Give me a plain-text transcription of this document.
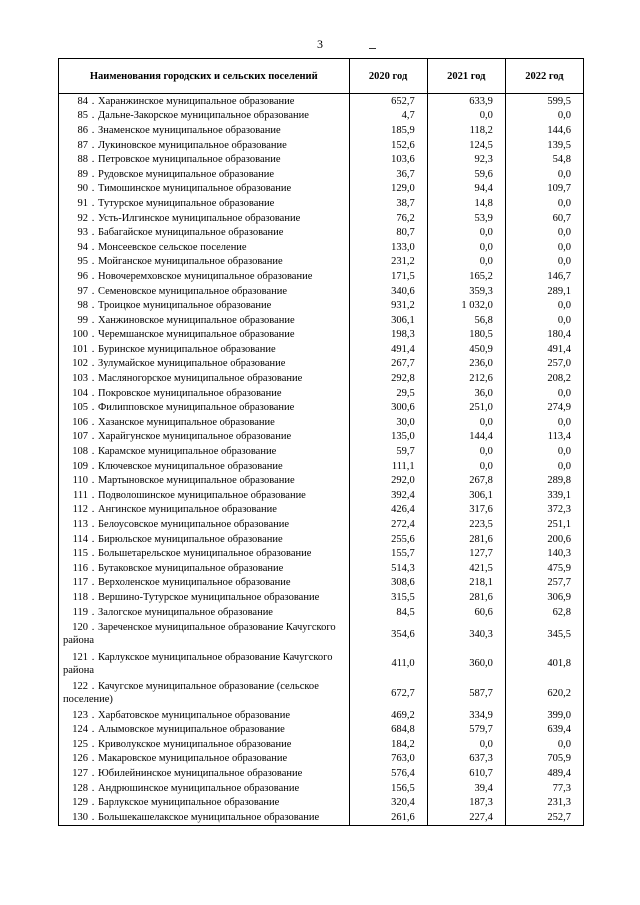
3
Наименования городских и сельских поселений	2020 год	2021 год	2022 год
84 . Харанжинское муниципальное образование	652,7	633,9	599,5
85 . Дальне-Закорское муниципальное образование	4,7	0,0	0,0
86 . Знаменское муниципальное образование	185,9	118,2	144,6
87 . Лукиновское муниципальное образование	152,6	124,5	139,5
88 . Петровское муниципальное образование	103,6	92,3	54,8
89 . Рудовское муниципальное образование	36,7	59,6	0,0
90 . Тимошинское муниципальное образование	129,0	94,4	109,7
91 . Тутурское муниципальное образование	38,7	14,8	0,0
92 . Усть-Илгинское муниципальное образование	76,2	53,9	60,7
93 . Бабагайское муниципальное образование	80,7	0,0	0,0
94 . Монсеевское сельское поселение	133,0	0,0	0,0
95 . Мойганское муниципальное образование	231,2	0,0	0,0
96 . Новочеремховское муниципальное образование	171,5	165,2	146,7
97 . Семеновское муниципальное образование	340,6	359,3	289,1
98 . Троицкое муниципальное образование	931,2	1 032,0	0,0
99 . Ханжиновское муниципальное образование	306,1	56,8	0,0
100 . Черемшанское муниципальное образование	198,3	180,5	180,4
101 . Буринское муниципальное образование	491,4	450,9	491,4
102 . Зулумайское муниципальное образование	267,7	236,0	257,0
103 . Масляногорское муниципальное образование	292,8	212,6	208,2
104 . Покровское муниципальное образование	29,5	36,0	0,0
105 . Филипповское муниципальное образование	300,6	251,0	274,9
106 . Хазанское муниципальное образование	30,0	0,0	0,0
107 . Харайгунское муниципальное образование	135,0	144,4	113,4
108 . Карамское муниципальное образование	59,7	0,0	0,0
109 . Ключевское муниципальное образование	111,1	0,0	0,0
110 . Мартыновское муниципальное образование	292,0	267,8	289,8
111 . Подволошинское муниципальное образование	392,4	306,1	339,1
112 . Ангинское муниципальное образование	426,4	317,6	372,3
113 . Белоусовское муниципальное образование	272,4	223,5	251,1
114 . Бирюльское муниципальное образование	255,6	281,6	200,6
115 . Большетарельское муниципальное образование	155,7	127,7	140,3
116 . Бутаковское муниципальное образование	514,3	421,5	475,9
117 . Верхоленское муниципальное образование	308,6	218,1	257,7
118 . Вершино-Тутурское муниципальное образование	315,5	281,6	306,9
119 . Залогское муниципальное образование	84,5	60,6	62,8
120 . Зареченское муниципальное образование Качугского района	354,6	340,3	345,5
121 . Карлукское муниципальное образование Качугского района	411,0	360,0	401,8
122 . Качугское муниципальное образование (сельское поселение)	672,7	587,7	620,2
123 . Харбатовское муниципальное образование	469,2	334,9	399,0
124 . Алымовское муниципальное образование	684,8	579,7	639,4
125 . Криволукское муниципальное образование	184,2	0,0	0,0
126 . Макаровское муниципальное образование	763,0	637,3	705,9
127 . Юбилейнинское муниципальное образование	576,4	610,7	489,4
128 . Андрюшинское муниципальное образование	156,5	39,4	77,3
129 . Барлукское муниципальное образование	320,4	187,3	231,3
130 . Большекашелакское муниципальное образование	261,6	227,4	252,7
